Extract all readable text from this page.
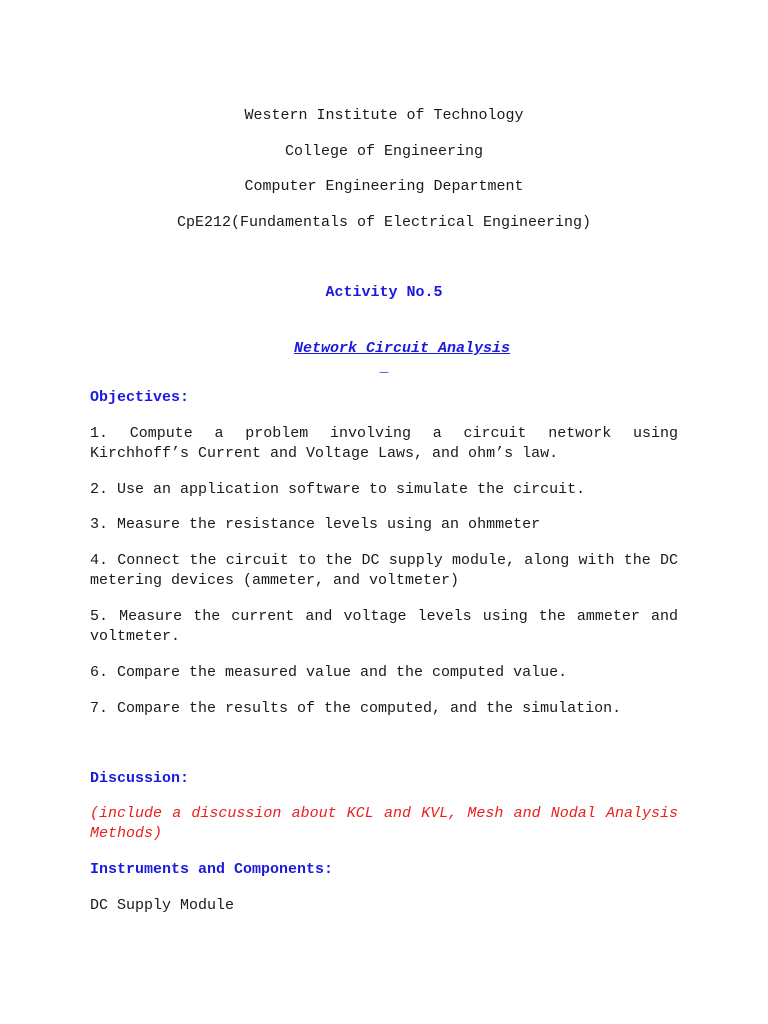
Western Institute of Technology
College of Engineering
Computer Engineering Department
CpE212(Fundamentals of Electrical Engineering)
Activity No.5

Network Circuit Analysis

_
Objectives:
1.  Compute  a  problem  involving  a  circuit  network  using Kirchhoff’s Current and Voltage Laws, and ohm’s law.
2. Use an application software to simulate the circuit.
3. Measure the resistance levels using an ohmmeter
4. Connect the circuit to the DC supply module, along with the DC metering devices (ammeter, and voltmeter)
5. Measure the current and voltage levels using the ammeter and voltmeter.
6. Compare the measured value and the computed value.
7. Compare the results of the computed, and the simulation.
Discussion:
(include a discussion about KCL and KVL, Mesh and Nodal Analysis Methods)
Instruments and Components:
DC Supply Module
